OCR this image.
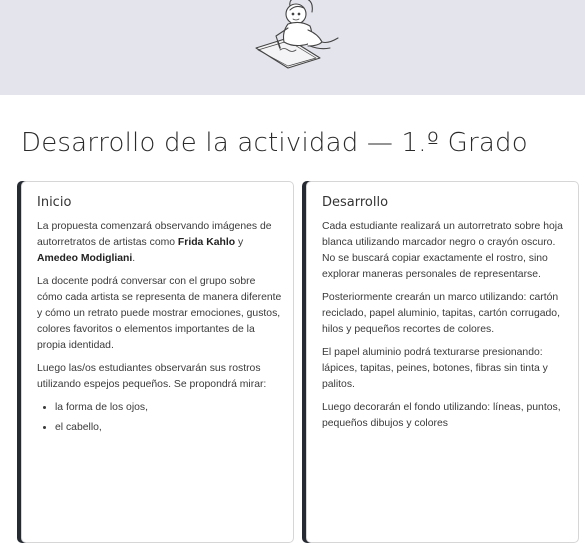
Desarrollo de la actividad — 1.º Grado
Inicio

La propuesta comenzará observando imágenes de autorretratos de artistas como Frida Kahlo y Amedeo Modigliani.

La docente podrá conversar con el grupo sobre cómo cada artista se representa de manera diferente y cómo un retrato puede mostrar emociones, gustos, colores favoritos o elementos importantes de la propia identidad.

Luego las/os estudiantes observarán sus rostros utilizando espejos pequeños. Se propondrá mirar:

• la forma de los ojos,
• el cabello,
Desarrollo

Cada estudiante realizará un autorretrato sobre hoja blanca utilizando marcador negro o crayón oscuro. No se buscará copiar exactamente el rostro, sino explorar maneras personales de representarse.

Posteriormente crearán un marco utilizando: cartón reciclado, papel aluminio, tapitas, cartón corrugado, hilos y pequeños recortes de colores.

El papel aluminio podrá texturarse presionando: lápices, tapitas, peines, botones, fibras sin tinta y palitos.

Luego decorarán el fondo utilizando: líneas, puntos, pequeños dibujos y colores
